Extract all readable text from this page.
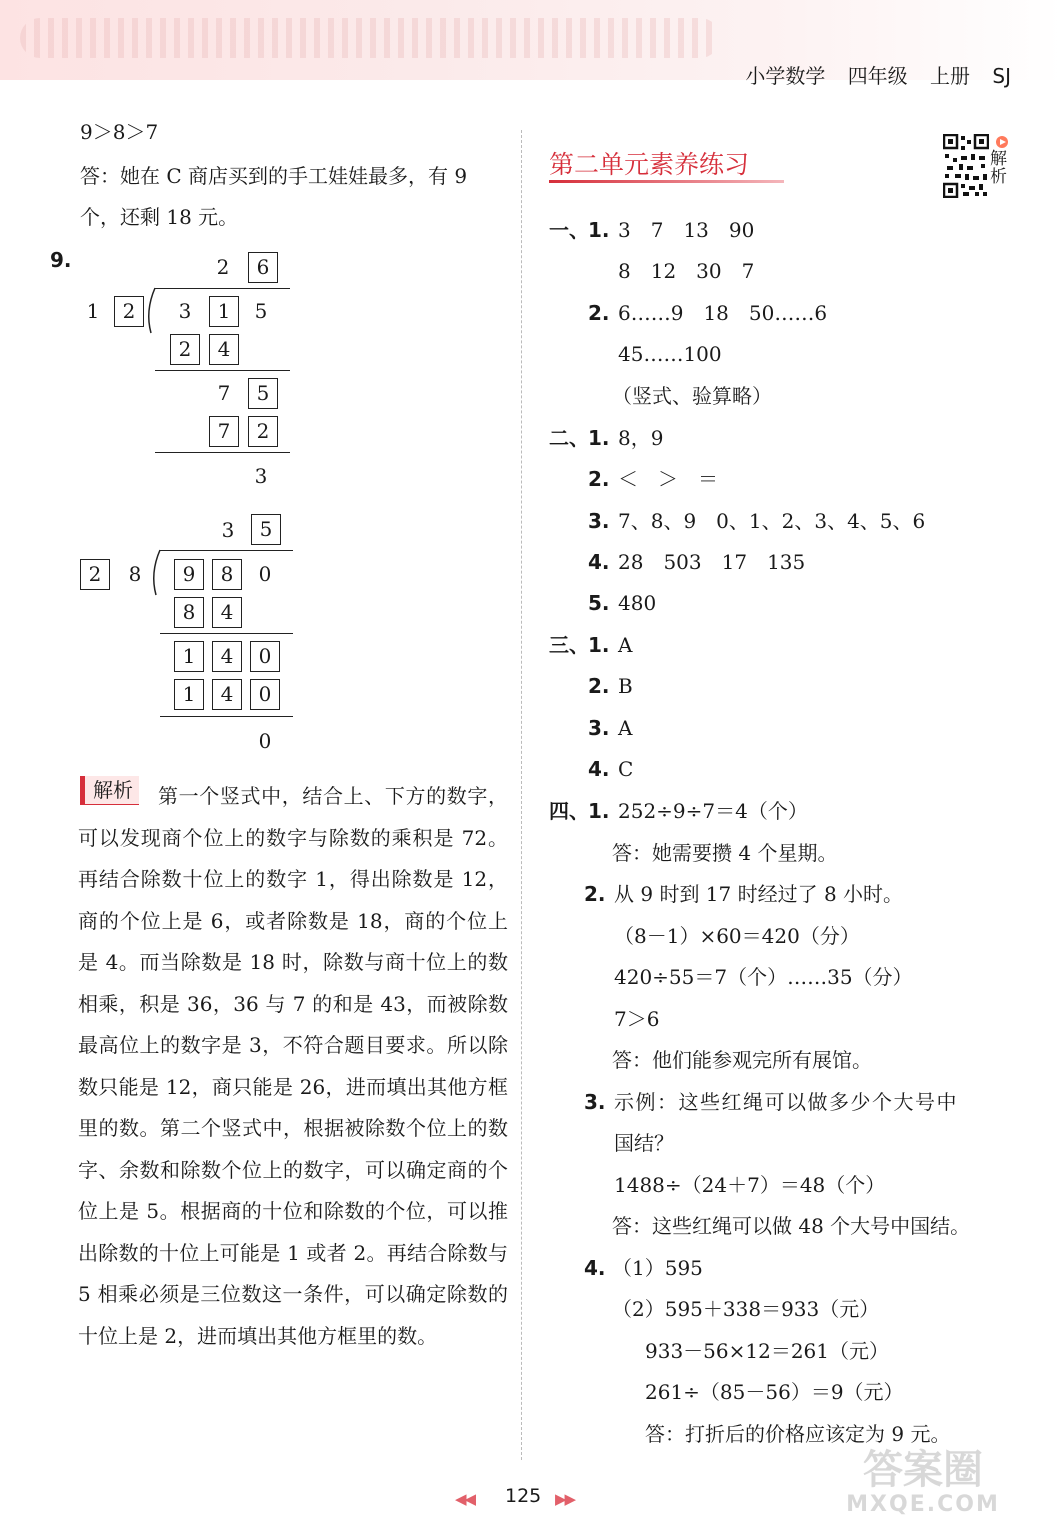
小学数学 四年级 上册 SJ
9＞8＞7
答：她在 C 商店买到的手工娃娃最多，有 9
个，还剩 18 元。
9.	2	6
1	2	3	1	5
2	4
7	5
7	2
3
3	5
2	8	9	8	0
8	4
1	4	0
1	4	0
0
第一个竖式中，结合上、下方的数字，可以发现商个位上的数字与除数的乘积是 72。再结合除数十位上的数字 1，得出除数是 12，商的个位上是 6，或者除数是 18，商的个位上是 4。而当除数是 18 时，除数与商十位上的数相乘，积是 36，36 与 7 的和是 43，而被除数最高位上的数字是 3，不符合题目要求。所以除数只能是 12，商只能是 26，进而填出其他方框里的数。第二个竖式中，根据被除数个位上的数字、余数和除数个位上的数字，可以确定商的个位上是 5。根据商的十位和除数的个位，可以推出除数的十位上可能是 1 或者 2。再结合除数与 5 相乘必须是三位数这一条件，可以确定除数的十位上是 2，进而填出其他方框里的数。
解析
第二单元素养练习	解析
一、 1. 3　7　13　90
8　12　30　7
2. 6……9　18　50……6
45……100
（竖式、验算略）
二、 1. 8，9
2. ＜　＞　＝
3. 7、8、9　0、1、2、3、4、5、6
4. 28　503　17　135
5. 480
三、 1. A
2. B
3. A
4. C
四、 1. 252÷9÷7＝4（个）
答：她需要攒 4 个星期。
2. 从 9 时到 17 时经过了 8 小时。
（8－1）×60＝420（分）
420÷55＝7（个）……35（分）
7＞6
答：他们能参观完所有展馆。
3. 示例：这些红绳可以做多少个大号中
国结？
1488÷（24＋7）＝48（个）
答：这些红绳可以做 48 个大号中国结。
4. （1）595
（2）595＋338＝933（元）
933－56×12＝261（元）
261÷（85－56）＝9（元）
答：打折后的价格应该定为 9 元。
◀◀ 125 ▶▶
答案圈
MXQE.COM
